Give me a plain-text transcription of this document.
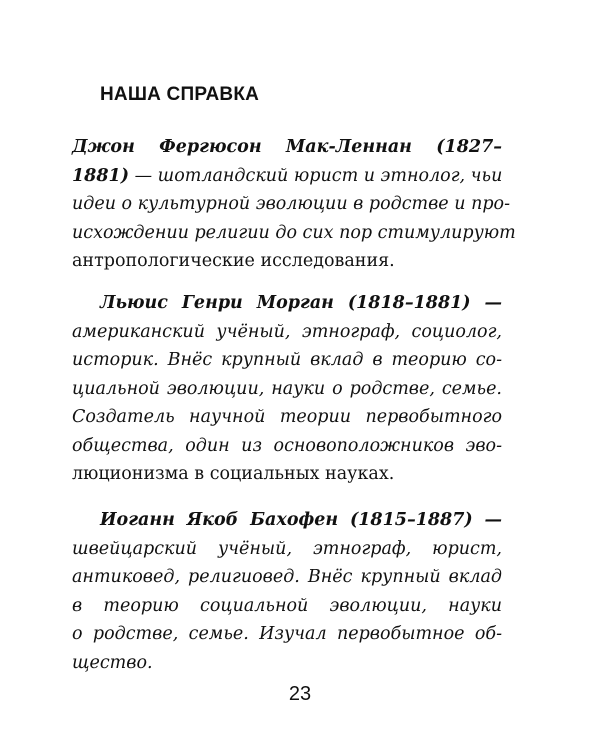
НАША СПРАВКА
Джон Фергюсон Мак-Леннан (1827–
1881) — шотландский юрист и этнолог, чьи
идеи о культурной эволюции в родстве и про-
исхождении религии до сих пор стимулируют
антропологические исследования.
Льюис Генри Морган (1818–1881) —
американский учёный, этнограф, социолог,
историк. Внёс крупный вклад в теорию со-
циальной эволюции, науки о родстве, семье.
Создатель научной теории первобытного
общества, один из основоположников эво-
люционизма в социальных науках.
Иоганн Якоб Бахофен (1815–1887) —
швейцарский учёный, этнограф, юрист,
антиковед, религиовед. Внёс крупный вклад
в теорию социальной эволюции, науки
о родстве, семье. Изучал первобытное об-
щество.
23
